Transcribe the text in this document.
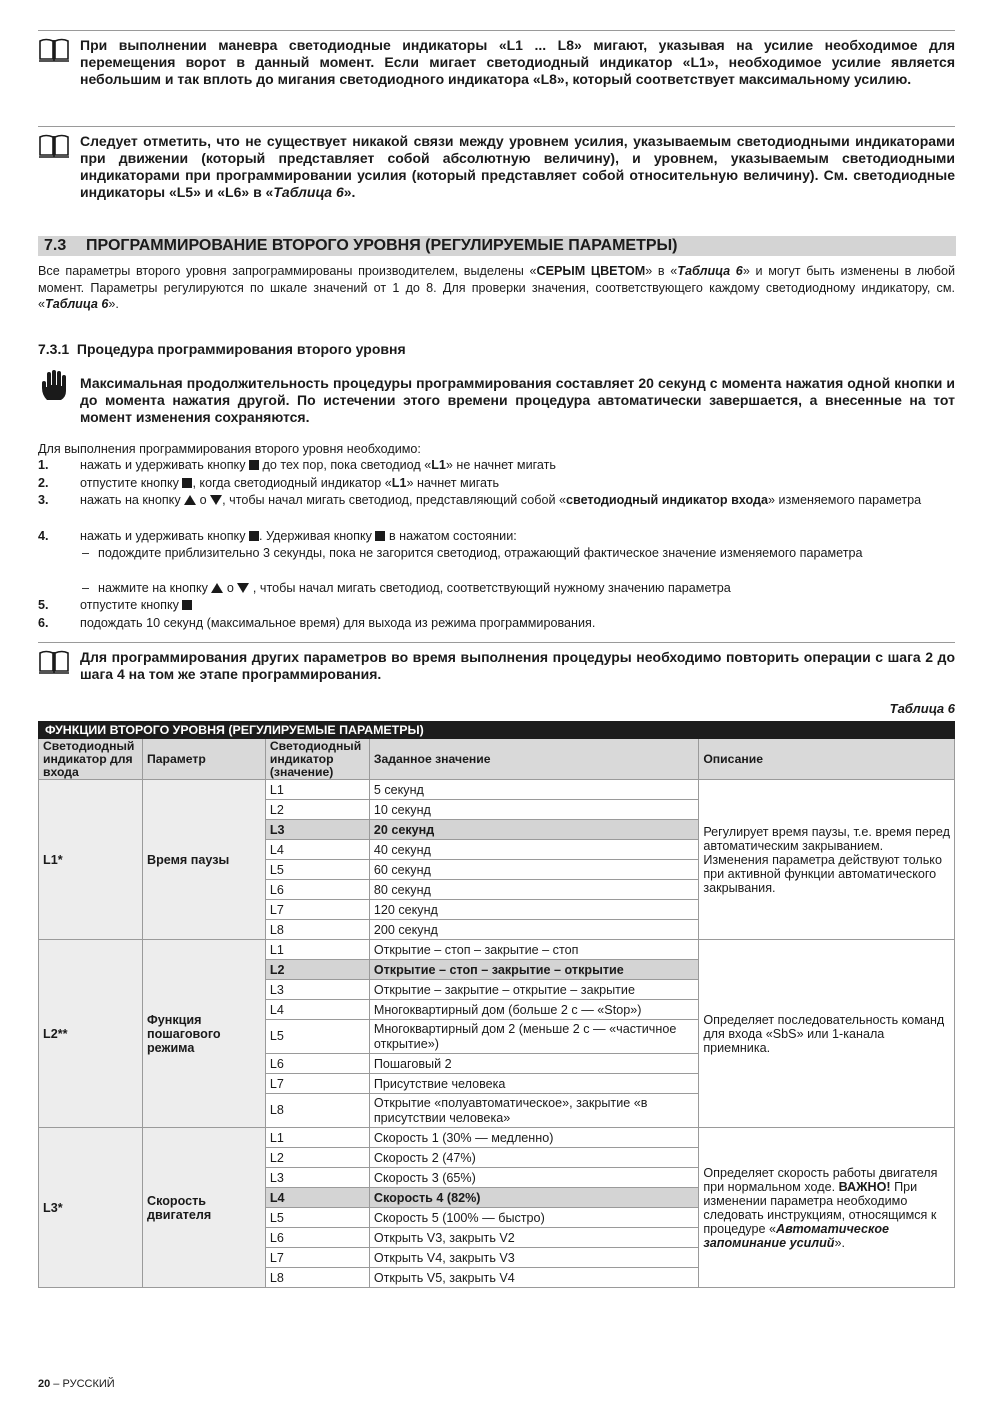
При выполнении маневра светодиодные индикаторы «L1 ... L8» мигают, указывая на усилие необходимое для перемещения ворот в данный момент. Если мигает светодиодный индикатор «L1», необходимое усилие является небольшим и так вплоть до мигания светодиодного индикатора «L8», который соответствует максимальному усилию.

Следует отметить, что не существует никакой связи между уровнем усилия, указываемым светодиодными индикаторами при движении (который представляет собой абсолютную величину), и уровнем, указываемым светодиодными индикаторами при программировании усилия (который представляет собой относительную величину). См. светодиодные индикаторы «L5» и «L6» в «Таблица 6».

7.3 ПРОГРАММИРОВАНИЕ ВТОРОГО УРОВНЯ (РЕГУЛИРУЕМЫЕ ПАРАМЕТРЫ)

Все параметры второго уровня запрограммированы производителем, выделены «СЕРЫМ ЦВЕТОМ» в «Таблица 6» и могут быть изменены в любой момент. Параметры регулируются по шкале значений от 1 до 8. Для проверки значения, соответствующего каждому светодиодному индикатору, см. «Таблица 6».

7.3.1 Процедура программирования второго уровня

Максимальная продолжительность процедуры программирования составляет 20 секунд с момента нажатия одной кнопки и до момента нажатия другой. По истечении этого времени процедура автоматически завершается, а внесенные на тот момент изменения сохраняются.

Для выполнения программирования второго уровня необходимо:

1. нажать и удерживать кнопку  до тех пор, пока светодиод «L1» не начнет мигать
2. отпустите кнопку , когда светодиодный индикатор «L1» начнет мигать
3. нажать на кнопку  о , чтобы начал мигать светодиод, представляющий собой «светодиодный индикатор входа» изменяемого параметра
4. нажать и удерживать кнопку . Удерживая кнопку  в нажатом состоянии:
– подождите приблизительно 3 секунды, пока не загорится светодиод, отражающий фактическое значение изменяемого параметра
– нажмите на кнопку  о  , чтобы начал мигать светодиод, соответствующий нужному значению параметра
5. отпустите кнопку
6. подождать 10 секунд (максимальное время) для выхода из режима программирования.

Для программирования других параметров во время выполнения процедуры необходимо повторить операции с шага 2 до шага 4 на том же этапе программирования.

Таблица 6

ФУНКЦИИ ВТОРОГО УРОВНЯ (РЕГУЛИРУЕМЫЕ ПАРАМЕТРЫ)				
Светодиодный индикатор для входа	Параметр	Светодиодный индикатор (значение)	Заданное значение	Описание
L1*	Время паузы	L1	5 секунд	Регулирует время паузы, т.е. время перед автоматическим закрыванием. Изменения параметра действуют только при активной функции автоматического закрывания.
		L2	10 секунд	
		L3	20 секунд	
		L4	40 секунд	
		L5	60 секунд	
		L6	80 секунд	
		L7	120 секунд	
		L8	200 секунд	
L2**	Функция пошагового режима	L1	Открытие – стоп – закрытие – стоп	Определяет последовательность команд для входа «SbS» или 1-канала приемника.
		L2	Открытие – стоп – закрытие – открытие	
		L3	Открытие – закрытие – открытие – закрытие	
		L4	Многоквартирный дом (больше 2 с — «Stop»)	
		L5	Многоквартирный дом 2 (меньше 2 с — «частичное открытие»)	
		L6	Пошаговый 2	
		L7	Присутствие человека	
		L8	Открытие «полуавтоматическое», закрытие «в присутствии человека»	
L3*	Скорость двигателя	L1	Скорость 1 (30% — медленно)	Определяет скорость работы двигателя при нормальном ходе. ВАЖНО! При изменении параметра необходимо следовать инструкциям, относящимся к процедуре «Автоматическое запоминание усилий».
		L2	Скорость 2 (47%)	
		L3	Скорость 3 (65%)	
		L4	Скорость 4 (82%)	
		L5	Скорость 5 (100% — быстро)	
		L6	Открыть V3, закрыть V2	
		L7	Открыть V4, закрыть V3	
		L8	Открыть V5, закрыть V4	

20 – РУССКИЙ
